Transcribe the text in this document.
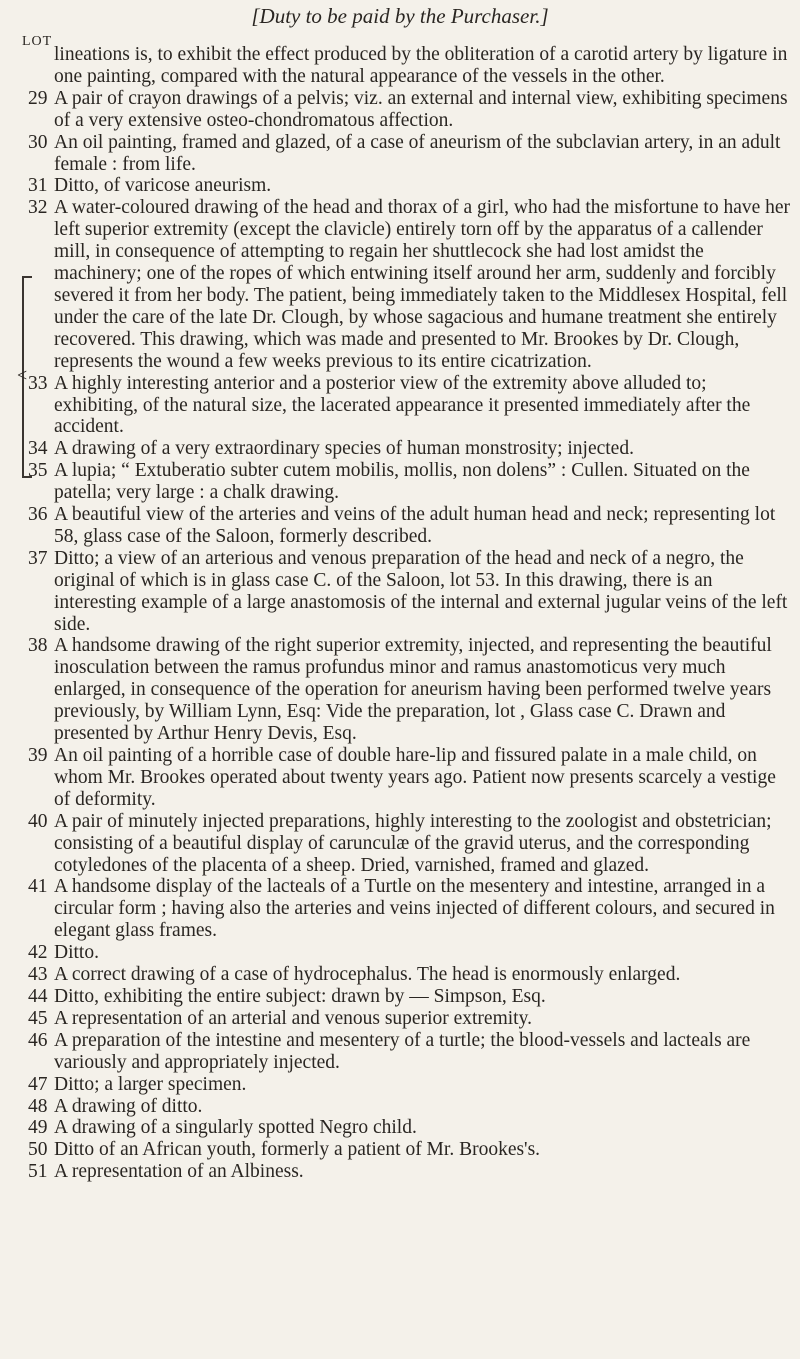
[Duty to be paid by the Purchaser.]
LOT
<
lineations is, to exhibit the effect produced by the obliteration of a carotid artery by ligature in one painting, compared with the natural appearance of the vessels in the other.
29 A pair of crayon drawings of a pelvis; viz. an external and internal view, exhibiting specimens of a very extensive osteo-chondromatous affection.
30 An oil painting, framed and glazed, of a case of aneurism of the subclavian artery, in an adult female : from life.
31 Ditto, of varicose aneurism.
32 A water-coloured drawing of the head and thorax of a girl, who had the misfortune to have her left superior extremity (except the clavicle) entirely torn off by the apparatus of a callender mill, in consequence of attempting to regain her shuttlecock she had lost amidst the machinery; one of the ropes of which entwining itself around her arm, suddenly and forcibly severed it from her body. The patient, being immediately taken to the Middlesex Hospital, fell under the care of the late Dr. Clough, by whose sagacious and humane treatment she entirely recovered. This drawing, which was made and presented to Mr. Brookes by Dr. Clough, represents the wound a few weeks previous to its entire cicatrization.
33 A highly interesting anterior and a posterior view of the extremity above alluded to; exhibiting, of the natural size, the lacerated appearance it presented immediately after the accident.
34 A drawing of a very extraordinary species of human monstrosity; injected.
35 A lupia; “ Extuberatio subter cutem mobilis, mollis, non dolens” : Cullen. Situated on the patella; very large : a chalk drawing.
36 A beautiful view of the arteries and veins of the adult human head and neck; representing lot 58, glass case of the Saloon, formerly described.
37 Ditto; a view of an arterious and venous preparation of the head and neck of a negro, the original of which is in glass case C. of the Saloon, lot 53. In this drawing, there is an interesting example of a large anastomosis of the internal and external jugular veins of the left side.
38 A handsome drawing of the right superior extremity, injected, and representing the beautiful inosculation between the ramus profundus minor and ramus anastomoticus very much enlarged, in consequence of the operation for aneurism having been performed twelve years previously, by William Lynn, Esq: Vide the preparation, lot , Glass case C. Drawn and presented by Arthur Henry Devis, Esq.
39 An oil painting of a horrible case of double hare-lip and fissured palate in a male child, on whom Mr. Brookes operated about twenty years ago. Patient now presents scarcely a vestige of deformity.
40 A pair of minutely injected preparations, highly interesting to the zoologist and obstetrician; consisting of a beautiful display of carunculæ of the gravid uterus, and the corresponding cotyledones of the placenta of a sheep. Dried, varnished, framed and glazed.
41 A handsome display of the lacteals of a Turtle on the mesentery and intestine, arranged in a circular form ; having also the arteries and veins injected of different colours, and secured in elegant glass frames.
42 Ditto.
43 A correct drawing of a case of hydrocephalus. The head is enormously enlarged.
44 Ditto, exhibiting the entire subject: drawn by — Simpson, Esq.
45 A representation of an arterial and venous superior extremity.
46 A preparation of the intestine and mesentery of a turtle; the blood-vessels and lacteals are variously and appropriately injected.
47 Ditto; a larger specimen.
48 A drawing of ditto.
49 A drawing of a singularly spotted Negro child.
50 Ditto of an African youth, formerly a patient of Mr. Brookes's.
51 A representation of an Albiness.
